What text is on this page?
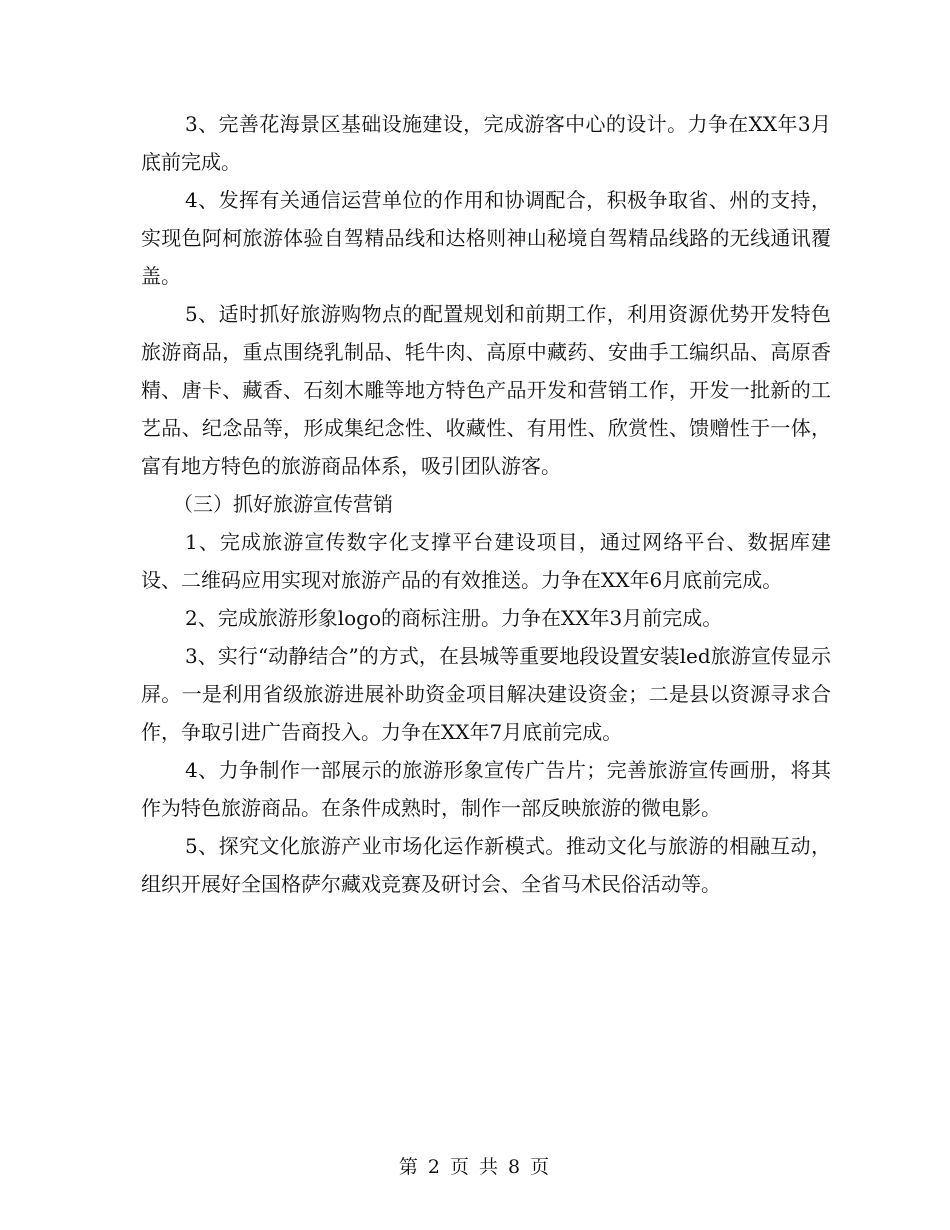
3、完善花海景区基础设施建设，完成游客中心的设计。力争在XX年3月底前完成。

4、发挥有关通信运营单位的作用和协调配合，积极争取省、州的支持，实现色阿柯旅游体验自驾精品线和达格则神山秘境自驾精品线路的无线通讯覆盖。

5、适时抓好旅游购物点的配置规划和前期工作，利用资源优势开发特色旅游商品，重点围绕乳制品、牦牛肉、高原中藏药、安曲手工编织品、高原香精、唐卡、藏香、石刻木雕等地方特色产品开发和营销工作，开发一批新的工艺品、纪念品等，形成集纪念性、收藏性、有用性、欣赏性、馈赠性于一体，富有地方特色的旅游商品体系，吸引团队游客。

（三）抓好旅游宣传营销

1、完成旅游宣传数字化支撑平台建设项目，通过网络平台、数据库建设、二维码应用实现对旅游产品的有效推送。力争在XX年6月底前完成。

2、完成旅游形象logo的商标注册。力争在XX年3月前完成。

3、实行“动静结合”的方式，在县城等重要地段设置安装led旅游宣传显示屏。一是利用省级旅游进展补助资金项目解决建设资金；二是县以资源寻求合作，争取引进广告商投入。力争在XX年7月底前完成。

4、力争制作一部展示的旅游形象宣传广告片；完善旅游宣传画册，将其作为特色旅游商品。在条件成熟时，制作一部反映旅游的微电影。

5、探究文化旅游产业市场化运作新模式。推动文化与旅游的相融互动，组织开展好全国格萨尔藏戏竞赛及研讨会、全省马术民俗活动等。

第 2 页 共 8 页
